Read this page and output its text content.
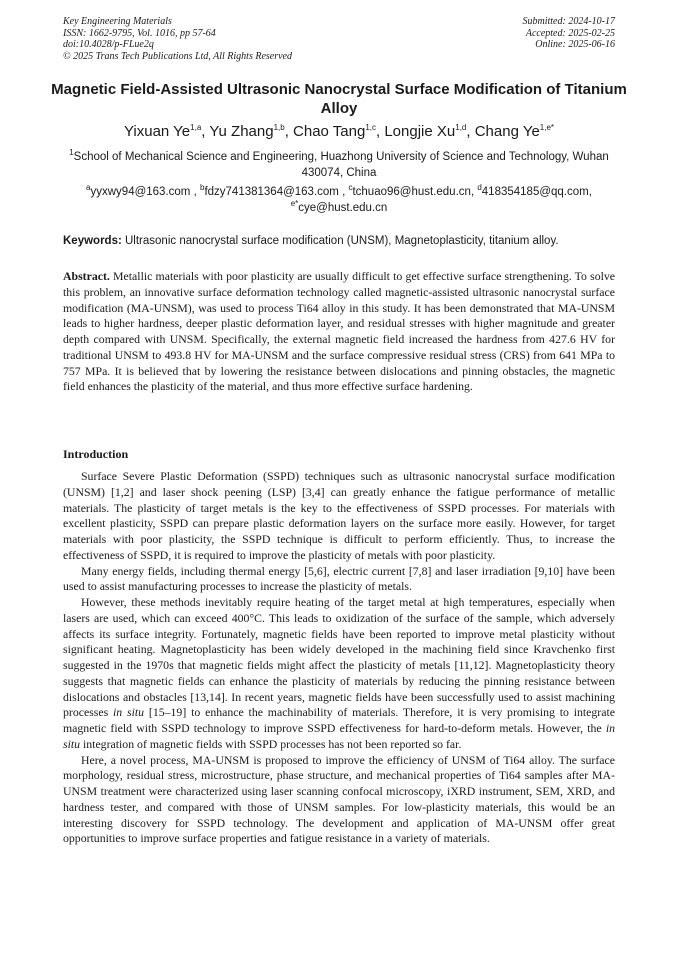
Key Engineering Materials
ISSN: 1662-9795, Vol. 1016, pp 57-64
doi:10.4028/p-FLue2q
© 2025 Trans Tech Publications Ltd, All Rights Reserved
Submitted: 2024-10-17
Accepted: 2025-02-25
Online: 2025-06-16
Magnetic Field-Assisted Ultrasonic Nanocrystal Surface Modification of Titanium Alloy
Yixuan Ye$^{1,a}$, Yu Zhang$^{1,b}$, Chao Tang$^{1,c}$, Longjie Xu$^{1,d}$, Chang $Ye^{1,e*}$
$^1$School of Mechanical Science and Engineering, Huazhong University of Science and Technology, Wuhan 430074, China
$^a$yyxwy94@163.com , $^b$fdzy741381364@163.com , $^c$tchuao96@hust.edu.cn, $^d$418354185@qq.com, $^{e*}$cye@hust.edu.cn
Keywords: Ultrasonic nanocrystal surface modification (UNSM), Magnetoplasticity, titanium alloy.
Abstract. Metallic materials with poor plasticity are usually difficult to get effective surface strengthening. To solve this problem, an innovative surface deformation technology called magnetic-assisted ultrasonic nanocrystal surface modification (MA-UNSM), was used to process Ti64 alloy in this study. It has been demonstrated that MA-UNSM leads to higher hardness, deeper plastic deformation layer, and residual stresses with higher magnitude and greater depth compared with UNSM. Specifically, the external magnetic field increased the hardness from 427.6 HV for traditional UNSM to 493.8 HV for MA-UNSM and the surface compressive residual stress (CRS) from 641 MPa to 757 MPa. It is believed that by lowering the resistance between dislocations and pinning obstacles, the magnetic field enhances the plasticity of the material, and thus more effective surface hardening.
Introduction

Surface Severe Plastic Deformation (SSPD) techniques such as ultrasonic nanocrystal surface modification (UNSM) [1,2] and laser shock peening (LSP) [3,4] can greatly enhance the fatigue performance of metallic materials. The plasticity of target metals is the key to the effectiveness of SSPD processes. For materials with excellent plasticity, SSPD can prepare plastic deformation layers on the surface more easily. However, for target materials with poor plasticity, the SSPD technique is difficult to perform efficiently. Thus, to increase the effectiveness of SSPD, it is required to improve the plasticity of metals with poor plasticity.

Many energy fields, including thermal energy [5,6], electric current [7,8] and laser irradiation [9,10] have been used to assist manufacturing processes to increase the plasticity of metals.

However, these methods inevitably require heating of the target metal at high temperatures, especially when lasers are used, which can exceed 400°C. This leads to oxidization of the surface of the sample, which adversely affects its surface integrity. Fortunately, magnetic fields have been reported to improve metal plasticity without significant heating. Magnetoplasticity has been widely developed in the machining field since Kravchenko first suggested in the 1970s that magnetic fields might affect the plasticity of metals [11,12]. Magnetoplasticity theory suggests that magnetic fields can enhance the plasticity of materials by reducing the pinning resistance between dislocations and obstacles [13,14]. In recent years, magnetic fields have been successfully used to assist machining processes in situ [15–19] to enhance the machinability of materials. Therefore, it is very promising to integrate magnetic field with SSPD technology to improve SSPD effectiveness for hard-to-deform metals. However, the in situ integration of magnetic fields with SSPD processes has not been reported so far.

Here, a novel process, MA-UNSM is proposed to improve the efficiency of UNSM of Ti64 alloy. The surface morphology, residual stress, microstructure, phase structure, and mechanical properties of Ti64 samples after MA-UNSM treatment were characterized using laser scanning confocal microscopy, iXRD instrument, SEM, XRD, and hardness tester, and compared with those of UNSM samples. For low-plasticity materials, this would be an interesting discovery for SSPD technology. The development and application of MA-UNSM offer great opportunities to improve surface properties and fatigue resistance in a variety of materials.
